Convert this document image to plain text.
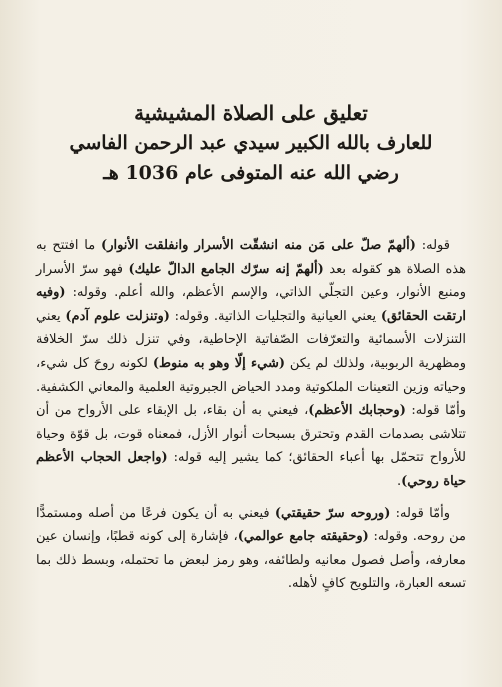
تعليق على الصلاة المشيشية
للعارف بالله الكبير سيدي عبد الرحمن الفاسي
رضي الله عنه المتوفى عام 1036 هـ

قوله: (ألهمّ صلّ على مَن منه انشقّت الأسرار وانفلقت الأنوار) ما افتتح به هذه الصلاة هو كقوله بعد (ألهمّ إنه سرّك الجامع الدالّ عليك) فهو سرّ الأسرار ومنبع الأنوار، وعين التجلّي الذاتي، والإسم الأعظم، والله أعلم. وقوله: (وفيه ارتقت الحقائق) يعني العيانية والتجليات الذاتية. وقوله: (وتنزلت علوم آدم) يعني التنزلات الأسمائية والتعرّفات الصّفاتية الإحاطية، وفي تنزل ذلك سرّ الخلافة ومظهرية الربوبية، ولذلك لم يكن (شيء إلّا وهو به منوط) لكونه روحَ كل شيء، وحياته وزين التعينات الملكوتية ومدد الحياض الجبروتية العلمية والمعاني الكشفية. وأمّا قوله: (وحجابك الأعظم)، فيعني به أن بقاء، بل الإبقاء على الأرواح من أن تتلاشى بصدمات القدم وتحترق بسبحات أنوار الأزل، فمعناه قوت، بل قوّة وحياة للأرواح تتحمّل بها أعباء الحقائق؛ كما يشير إليه قوله: (واجعل الحجاب الأعظم حياة روحي).

وأمّا قوله: (وروحه سرّ حقيقتي) فيعني به أن يكون فرعًا من أصله ومستمدًّا من روحه. وقوله: (وحقيقته جامع عوالمي)، فإشارة إلى كونه قطبًا، وإنسان عين معارفه، وأصل فصول معانيه ولطائفه، وهو رمز لبعض ما تحتمله، وبسط ذلك بما تسعه العبارة، والتلويح كافٍ لأهله.
